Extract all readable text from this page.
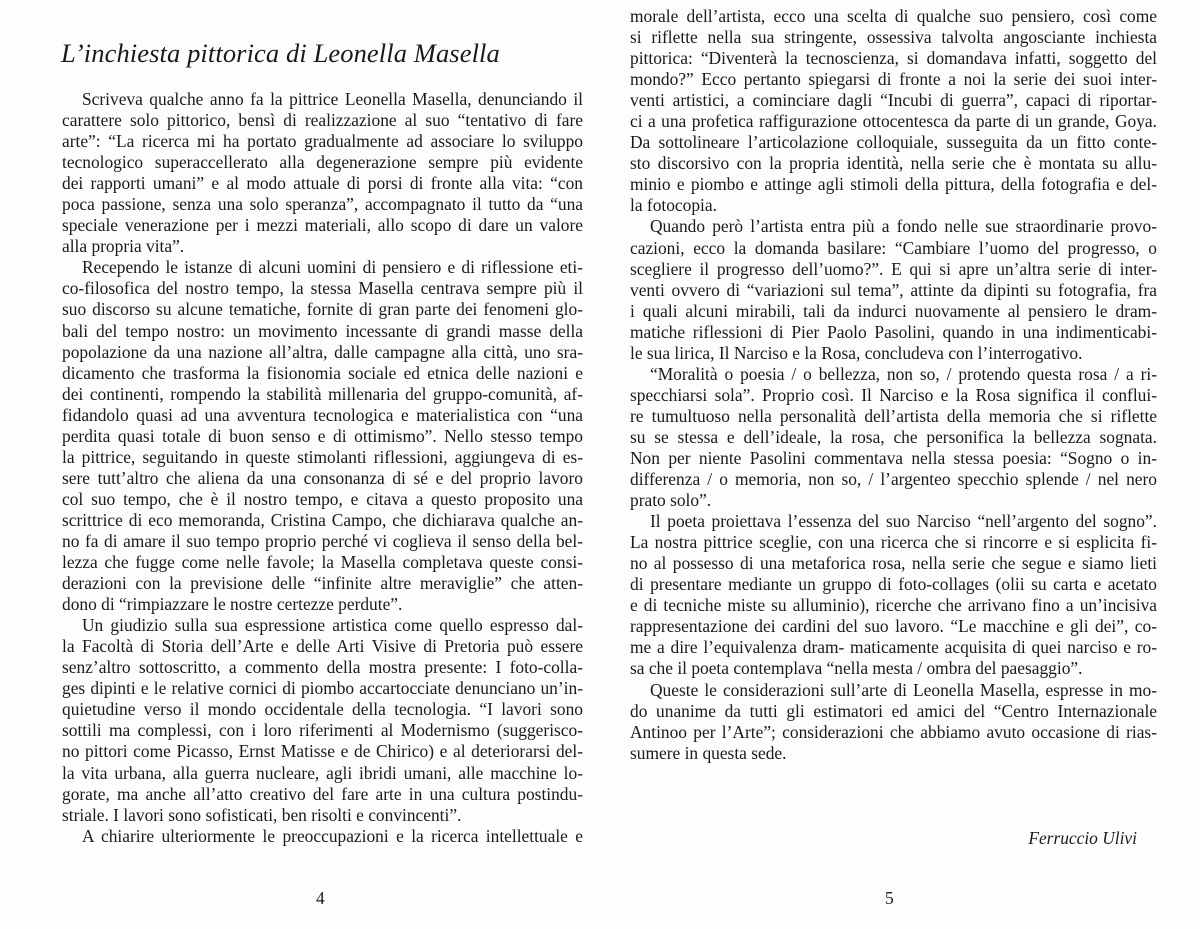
L’inchiesta pittorica di Leonella Masella
Scriveva qualche anno fa la pittrice Leonella Masella, denunciando il
carattere solo pittorico, bensì di realizzazione al suo “tentativo di fare
arte”: “La ricerca mi ha portato gradualmente ad associare lo sviluppo
tecnologico superaccellerato alla degenerazione sempre più evidente
dei rapporti umani” e al modo attuale di porsi di fronte alla vita: “con
poca passione, senza una solo speranza”, accompagnato il tutto da “una
speciale venerazione per i mezzi materiali, allo scopo di dare un valore
alla propria vita”.
Recependo le istanze di alcuni uomini di pensiero e di riflessione eti-
co-filosofica del nostro tempo, la stessa Masella centrava sempre più il
suo discorso su alcune tematiche, fornite di gran parte dei fenomeni glo-
bali del tempo nostro: un movimento incessante di grandi masse della
popolazione da una nazione all’altra, dalle campagne alla città, uno sra-
dicamento che trasforma la fisionomia sociale ed etnica delle nazioni e
dei continenti, rompendo la stabilità millenaria del gruppo-comunità, af-
fidandolo quasi ad una avventura tecnologica e materialistica con “una
perdita quasi totale di buon senso e di ottimismo”. Nello stesso tempo
la pittrice, seguitando in queste stimolanti riflessioni, aggiungeva di es-
sere tutt’altro che aliena da una consonanza di sé e del proprio lavoro
col suo tempo, che è il nostro tempo, e citava a questo proposito una
scrittrice di eco memoranda, Cristina Campo, che dichiarava qualche an-
no fa di amare il suo tempo proprio perché vi coglieva il senso della bel-
lezza che fugge come nelle favole; la Masella completava queste consi-
derazioni con la previsione delle “infinite altre meraviglie” che atten-
dono di “rimpiazzare le nostre certezze perdute”.
Un giudizio sulla sua espressione artistica come quello espresso dal-
la Facoltà di Storia dell’Arte e delle Arti Visive di Pretoria può essere
senz’altro sottoscritto, a commento della mostra presente: I foto-colla-
ges dipinti e le relative cornici di piombo accartocciate denunciano un’in-
quietudine verso il mondo occidentale della tecnologia. “I lavori sono
sottili ma complessi, con i loro riferimenti al Modernismo (suggerisco-
no pittori come Picasso, Ernst Matisse e de Chirico) e al deteriorarsi del-
la vita urbana, alla guerra nucleare, agli ibridi umani, alle macchine lo-
gorate, ma anche all’atto creativo del fare arte in una cultura postindu-
striale. I lavori sono sofisticati, ben risolti e convincenti”.
A chiarire ulteriormente le preoccupazioni e la ricerca intellettuale e
4
morale dell’artista, ecco una scelta di qualche suo pensiero, così come
si riflette nella sua stringente, ossessiva talvolta angosciante inchiesta
pittorica: “Diventerà la tecnoscienza, si domandava infatti, soggetto del
mondo?” Ecco pertanto spiegarsi di fronte a noi la serie dei suoi inter-
venti artistici, a cominciare dagli “Incubi di guerra”, capaci di riportar-
ci a una profetica raffigurazione ottocentesca da parte di un grande, Goya.
Da sottolineare l’articolazione colloquiale, susseguita da un fitto conte-
sto discorsivo con la propria identità, nella serie che è montata su allu-
minio e piombo e attinge agli stimoli della pittura, della fotografia e del-
la fotocopia.
Quando però l’artista entra più a fondo nelle sue straordinarie provo-
cazioni, ecco la domanda basilare: “Cambiare l’uomo del progresso, o
scegliere il progresso dell’uomo?”. E qui si apre un’altra serie di inter-
venti ovvero di “variazioni sul tema”, attinte da dipinti su fotografia, fra
i quali alcuni mirabili, tali da indurci nuovamente al pensiero le dram-
matiche riflessioni di Pier Paolo Pasolini, quando in una indimenticabi-
le sua lirica, Il Narciso e la Rosa, concludeva con l’interrogativo.
“Moralità o poesia / o bellezza, non so, / protendo questa rosa / a ri-
specchiarsi sola”. Proprio così. Il Narciso e la Rosa significa il conflui-
re tumultuoso nella personalità dell’artista della memoria che si riflette
su se stessa e dell’ideale, la rosa, che personifica la bellezza sognata.
Non per niente Pasolini commentava nella stessa poesia: “Sogno o in-
differenza / o memoria, non so, / l’argenteo specchio splende / nel nero
prato solo”.
Il poeta proiettava l’essenza del suo Narciso “nell’argento del sogno”.
La nostra pittrice sceglie, con una ricerca che si rincorre e si esplicita fi-
no al possesso di una metaforica rosa, nella serie che segue e siamo lieti
di presentare mediante un gruppo di foto-collages (olii su carta e acetato
e di tecniche miste su alluminio), ricerche che arrivano fino a un’incisiva
rappresentazione dei cardini del suo lavoro. “Le macchine e gli dei”, co-
me a dire l’equivalenza dram- maticamente acquisita di quei narciso e ro-
sa che il poeta contemplava “nella mesta / ombra del paesaggio”.
Queste le considerazioni sull’arte di Leonella Masella, espresse in mo-
do unanime da tutti gli estimatori ed amici del “Centro Internazionale
Antinoo per l’Arte”; considerazioni che abbiamo avuto occasione di rias-
sumere in questa sede.
Ferruccio Ulivi
5
